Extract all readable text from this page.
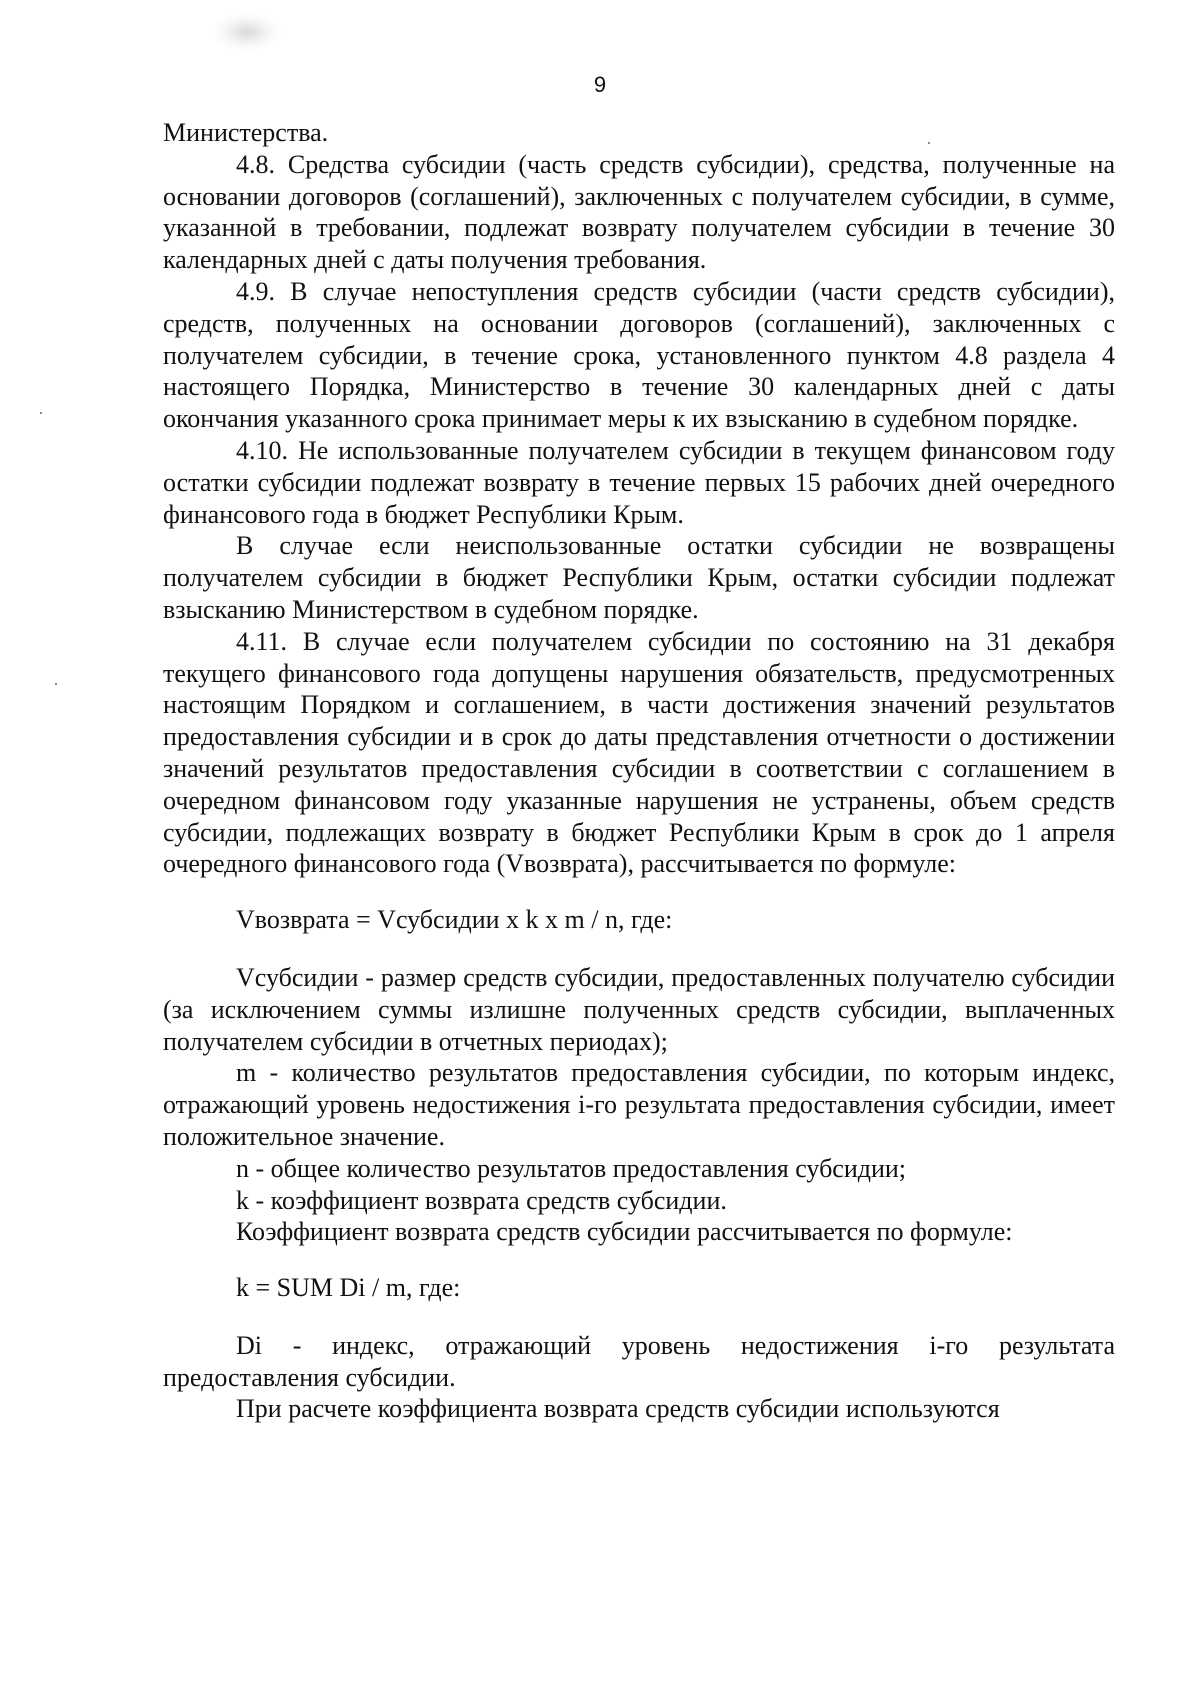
9

Министерства.

4.8. Средства субсидии (часть средств субсидии), средства, полученные на основании договоров (соглашений), заключенных с получателем субсидии, в сумме, указанной в требовании, подлежат возврату получателем субсидии в течение 30 календарных дней с даты получения требования.

4.9. В случае непоступления средств субсидии (части средств субсидии), средств, полученных на основании договоров (соглашений), заключенных с получателем субсидии, в течение срока, установленного пунктом 4.8 раздела 4 настоящего Порядка, Министерство в течение 30 календарных дней с даты окончания указанного срока принимает меры к их взысканию в судебном порядке.

4.10. Не использованные получателем субсидии в текущем финансовом году остатки субсидии подлежат возврату в течение первых 15 рабочих дней очередного финансового года в бюджет Республики Крым.

В случае если неиспользованные остатки субсидии не возвращены получателем субсидии в бюджет Республики Крым, остатки субсидии подлежат взысканию Министерством в судебном порядке.

4.11. В случае если получателем субсидии по состоянию на 31 декабря текущего финансового года допущены нарушения обязательств, предусмотренных настоящим Порядком и соглашением, в части достижения значений результатов предоставления субсидии и в срок до даты представления отчетности о достижении значений результатов предоставления субсидии в соответствии с соглашением в очередном финансовом году указанные нарушения не устранены, объем средств субсидии, подлежащих возврату в бюджет Республики Крым в срок до 1 апреля очередного финансового года (Vвозврата), рассчитывается по формуле:

Vвозврата = Vсубсидии x k x m / n, где:

Vсубсидии - размер средств субсидии, предоставленных получателю субсидии (за исключением суммы излишне полученных средств субсидии, выплаченных получателем субсидии в отчетных периодах);

m - количество результатов предоставления субсидии, по которым индекс, отражающий уровень недостижения i-го результата предоставления субсидии, имеет положительное значение.

n - общее количество результатов предоставления субсидии;

k - коэффициент возврата средств субсидии.

Коэффициент возврата средств субсидии рассчитывается по формуле:

k = SUM Di / m, где:

Di - индекс, отражающий уровень недостижения i-го результата предоставления субсидии.

При расчете коэффициента возврата средств субсидии используются
